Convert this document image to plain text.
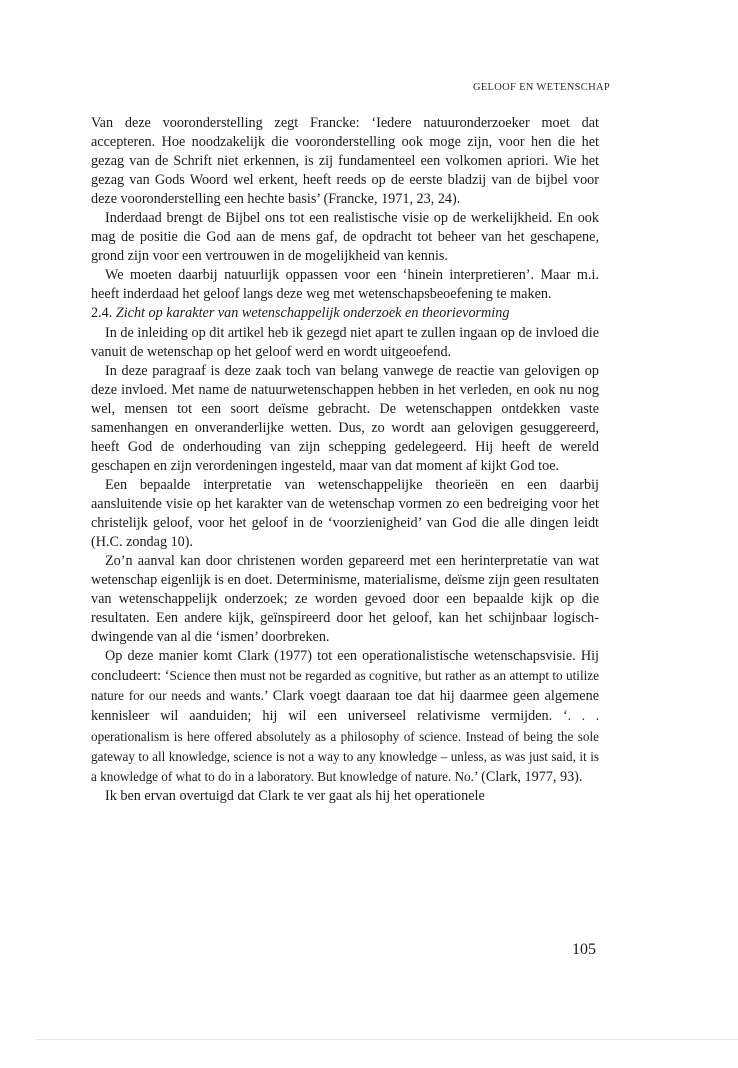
GELOOF EN WETENSCHAP

Van deze vooronderstelling zegt Francke: ‘Iedere natuuronderzoeker moet dat accepteren. Hoe noodzakelijk die vooronderstelling ook moge zijn, voor hen die het gezag van de Schrift niet erkennen, is zij fundamenteel een volkomen apriori. Wie het gezag van Gods Woord wel erkent, heeft reeds op de eerste bladzij van de bijbel voor deze vooronderstelling een hechte basis’ (Francke, 1971, 23, 24).

Inderdaad brengt de Bijbel ons tot een realistische visie op de werkelijkheid. En ook mag de positie die God aan de mens gaf, de opdracht tot beheer van het geschapene, grond zijn voor een vertrouwen in de mogelijkheid van kennis.

We moeten daarbij natuurlijk oppassen voor een ‘hinein interpretieren’. Maar m.i. heeft inderdaad het geloof langs deze weg met wetenschapsbeoefening te maken.

2.4. Zicht op karakter van wetenschappelijk onderzoek en theorievorming

In de inleiding op dit artikel heb ik gezegd niet apart te zullen ingaan op de invloed die vanuit de wetenschap op het geloof werd en wordt uitgeoefend.

In deze paragraaf is deze zaak toch van belang vanwege de reactie van gelovigen op deze invloed. Met name de natuurwetenschappen hebben in het verleden, en ook nu nog wel, mensen tot een soort deïsme gebracht. De wetenschappen ontdekken vaste samenhangen en onveranderlijke wetten. Dus, zo wordt aan gelovigen gesuggereerd, heeft God de onderhouding van zijn schepping gedelegeerd. Hij heeft de wereld geschapen en zijn verordeningen ingesteld, maar van dat moment af kijkt God toe.

Een bepaalde interpretatie van wetenschappelijke theorieën en een daarbij aansluitende visie op het karakter van de wetenschap vormen zo een bedreiging voor het christelijk geloof, voor het geloof in de ‘voorzienigheid’ van God die alle dingen leidt (H.C. zondag 10).

Zo’n aanval kan door christenen worden gepareerd met een herinterpretatie van wat wetenschap eigenlijk is en doet. Determinisme, materialisme, deïsme zijn geen resultaten van wetenschappelijk onderzoek; ze worden gevoed door een bepaalde kijk op die resultaten. Een andere kijk, geïnspireerd door het geloof, kan het schijnbaar logisch-dwingende van al die ‘ismen’ doorbreken.

Op deze manier komt Clark (1977) tot een operationalistische wetenschapsvisie. Hij concludeert: ‘Science then must not be regarded as cognitive, but rather as an attempt to utilize nature for our needs and wants.’ Clark voegt daaraan toe dat hij daarmee geen algemene kennisleer wil aanduiden; hij wil een universeel relativisme vermijden. ‘. . . operationalism is here offered absolutely as a philosophy of science. Instead of being the sole gateway to all knowledge, science is not a way to any knowledge – unless, as was just said, it is a knowledge of what to do in a laboratory. But knowledge of nature. No.’ (Clark, 1977, 93).

Ik ben ervan overtuigd dat Clark te ver gaat als hij het operationele

105
